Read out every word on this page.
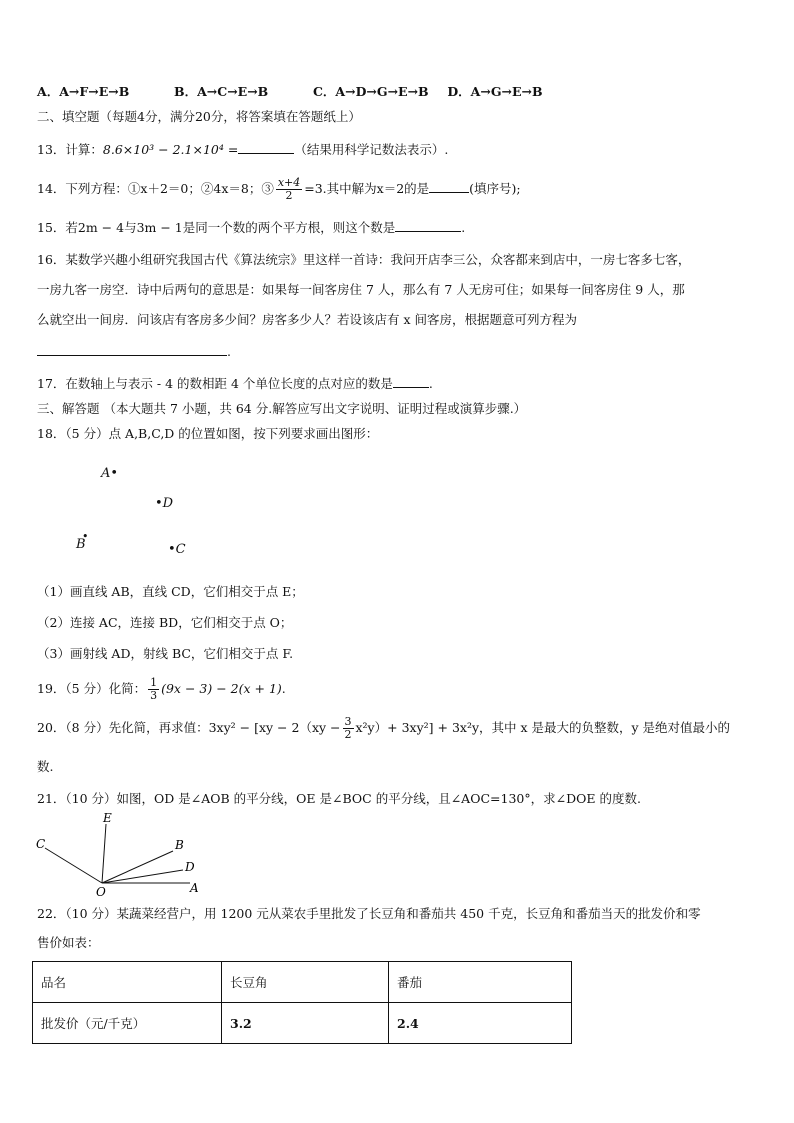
A．A→F→E→B	B．A→C→E→B	C．A→D→G→E→B D．A→G→E→B
二、填空题（每题4分，满分20分，将答案填在答题纸上）
13．计算：8.6×10³ − 2.1×10⁴ =	（结果用科学记数法表示）.
14．下列方程：①x＋2＝0；②4x＝8；③ $\frac{x+4}{2} =3$.其中解为x＝2的是	(填序号);
15．若2m − 4与3m − 1是同一个数的两个平方根，则这个数是	.
16．某数学兴趣小组研究我国古代《算法统宗》里这样一首诗：我问开店李三公，众客都来到店中，一房七客多七客，
一房九客一房空．诗中后两句的意思是：如果每一间客房住 7 人，那么有 7 人无房可住；如果每一间客房住 9 人，那
么就空出一间房．问该店有客房多少间？房客多少人？若设该店有 x 间客房，根据题意可列方程为
.
17．在数轴上与表示 - 4 的数相距 4 个单位长度的点对应的数是	.
三、解答题 （本大题共 7 小题，共 64 分.解答应写出文字说明、证明过程或演算步骤.）
18．（5 分）点 A,B,C,D 的位置如图，按下列要求画出图形：
A•
•D
•
B	•C
（1）画直线 AB，直线 CD，它们相交于点 E；
（2）连接 AC，连接 BD，它们相交于点 O；
（3）画射线 AD，射线 BC，它们相交于点 F.
19．（5 分）化简： $\frac{1}{3} (9x - 3) - 2(x + 1)$.
20．（8 分）先化简，再求值：$3xy^2 - [xy - 2(xy - \frac{3}{2} x^2y)+ 3xy^2] + 3x^2y$，其中 x 是最大的负整数，y 是绝对值最小的
数.
21．（10 分）如图，OD 是∠AOB 的平分线，OE 是∠BOC 的平分线，且∠AOC=130°，求∠DOE 的度数.
E
C	B
D
O	A
22．（10 分）某蔬菜经营户，用 1200 元从菜农手里批发了长豆角和番茄共 450 千克，长豆角和番茄当天的批发价和零
售价如表：
品名	长豆角	番茄
批发价（元/千克）	3.2	2.4
